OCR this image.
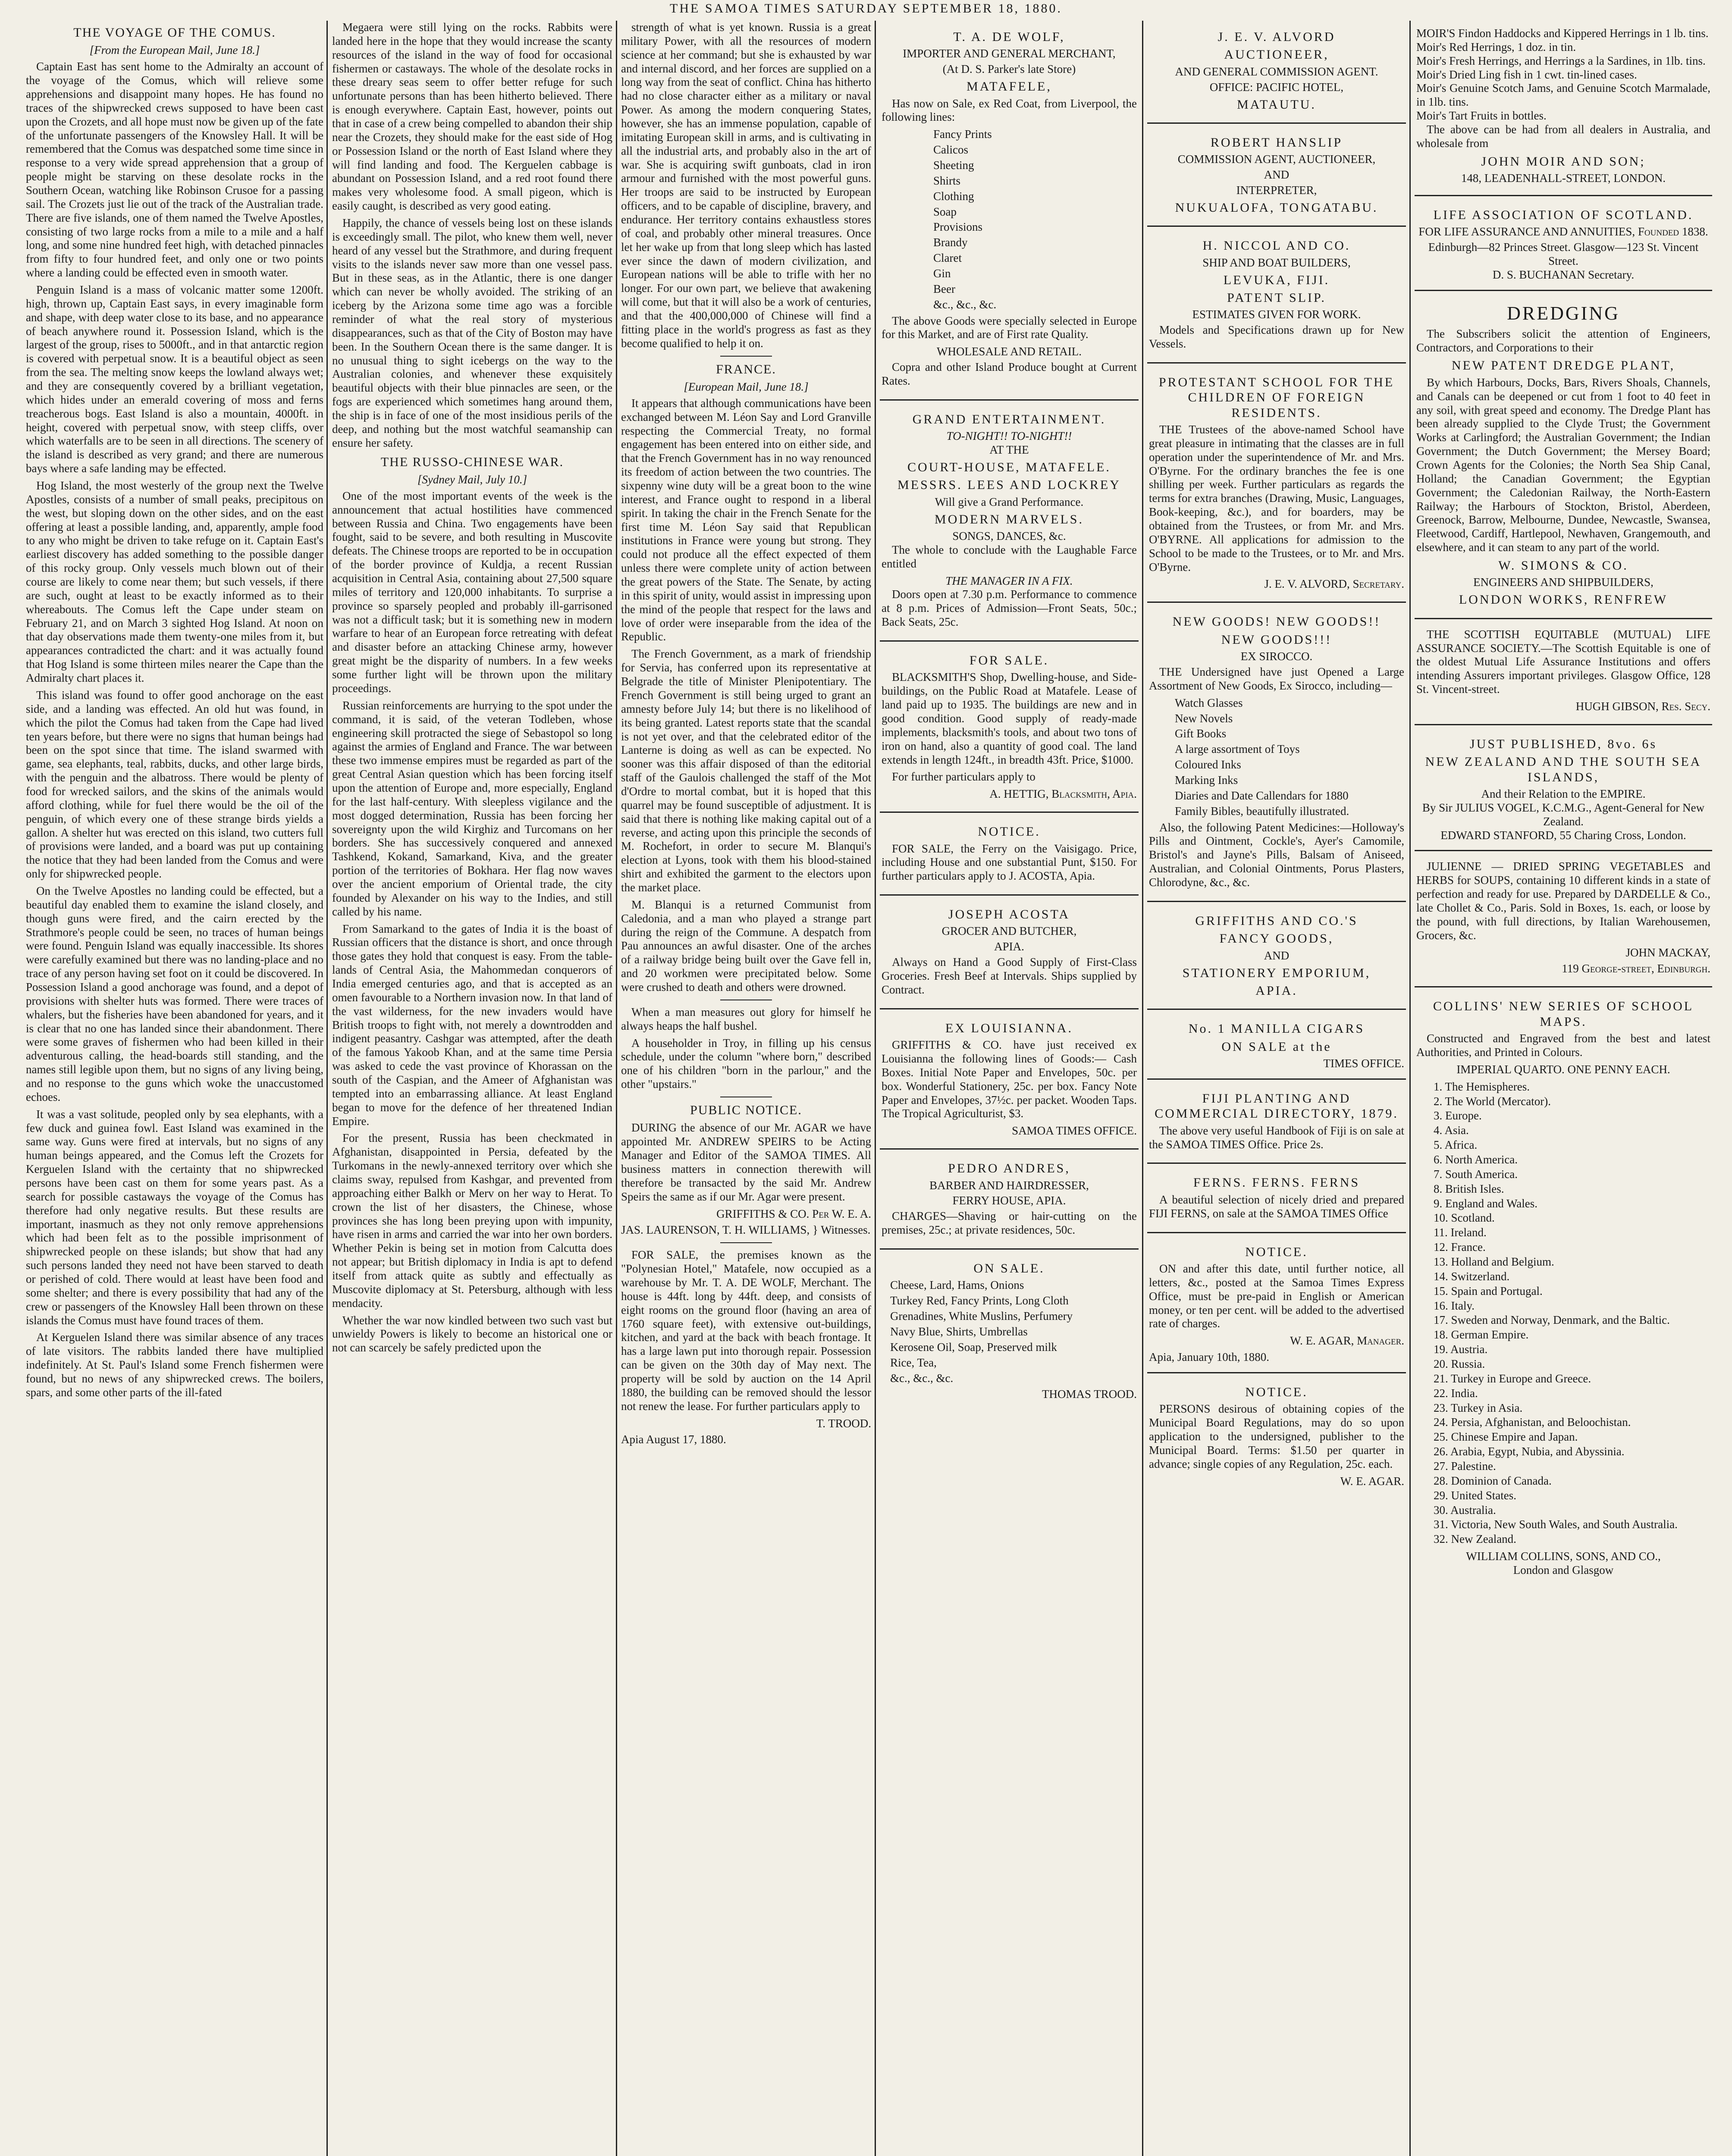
THE SAMOA TIMES SATURDAY SEPTEMBER 18, 1880.
THE VOYAGE OF THE COMUS.
[From the European Mail, June 18.]

Captain East has sent home to the Admiralty an account of the voyage of the Comus, which will relieve some apprehensions and disappoint many hopes. He has found no traces of the shipwrecked crews supposed to have been cast upon the Crozets, and all hope must now be given up of the fate of the unfortunate passengers of the Knowsley Hall. It will be remembered that the Comus was despatched some time since in response to a very wide spread apprehension that a group of people might be starving on these desolate rocks in the Southern Ocean, watching like Robinson Crusoe for a passing sail. The Crozets just lie out of the track of the Australian trade. There are five islands, one of them named the Twelve Apostles, consisting of two large rocks from a mile to a mile and a half long, and some nine hundred feet high, with detached pinnacles from fifty to four hundred feet, and only one or two points where a landing could be effected even in smooth water.

Penguin Island is a mass of volcanic matter some 1200ft. high, thrown up, Captain East says, in every imaginable form and shape, with deep water close to its base, and no appearance of beach anywhere round it. Possession Island, which is the largest of the group, rises to 5000ft., and in that antarctic region is covered with perpetual snow. It is a beautiful object as seen from the sea. The melting snow keeps the lowland always wet; and they are consequently covered by a brilliant vegetation, which hides under an emerald covering of moss and ferns treacherous bogs. East Island is also a mountain, 4000ft. in height, covered with perpetual snow, with steep cliffs, over which waterfalls are to be seen in all directions. The scenery of the island is described as very grand; and there are numerous bays where a safe landing may be effected.

Hog Island, the most westerly of the group next the Twelve Apostles, consists of a number of small peaks, precipitous on the west, but sloping down on the other sides, and on the east offering at least a possible landing, and, apparently, ample food to any who might be driven to take refuge on it. Captain East's earliest discovery has added something to the possible danger of this rocky group. Only vessels much blown out of their course are likely to come near them; but such vessels, if there are such, ought at least to be exactly informed as to their whereabouts. The Comus left the Cape under steam on February 21, and on March 3 sighted Hog Island. At noon on that day observations made them twenty-one miles from it, but appearances contradicted the chart: and it was actually found that Hog Island is some thirteen miles nearer the Cape than the Admiralty chart places it.

This island was found to offer good anchorage on the east side, and a landing was effected. An old hut was found, in which the pilot the Comus had taken from the Cape had lived ten years before, but there were no signs that human beings had been on the spot since that time. The island swarmed with game, sea elephants, teal, rabbits, ducks, and other large birds, with the penguin and the albatross. There would be plenty of food for wrecked sailors, and the skins of the animals would afford clothing, while for fuel there would be the oil of the penguin, of which every one of these strange birds yields a gallon. A shelter hut was erected on this island, two cutters full of provisions were landed, and a board was put up containing the notice that they had been landed from the Comus and were only for shipwrecked people.

On the Twelve Apostles no landing could be effected, but a beautiful day enabled them to examine the island closely, and though guns were fired, and the cairn erected by the Strathmore's people could be seen, no traces of human beings were found. Penguin Island was equally inaccessible. Its shores were carefully examined but there was no landing-place and no trace of any person having set foot on it could be discovered. In Possession Island a good anchorage was found, and a depot of provisions with shelter huts was formed. There were traces of whalers, but the fisheries have been abandoned for years, and it is clear that no one has landed since their abandonment. There were some graves of fishermen who had been killed in their adventurous calling, the head-boards still standing, and the names still legible upon them, but no signs of any living being, and no response to the guns which woke the unaccustomed echoes.

It was a vast solitude, peopled only by sea elephants, with a few duck and guinea fowl. East Island was examined in the same way. Guns were fired at intervals, but no signs of any human beings appeared, and the Comus left the Crozets for Kerguelen Island with the certainty that no shipwrecked persons have been cast on them for some years past. As a search for possible castaways the voyage of the Comus has therefore had only negative results. But these results are important, inasmuch as they not only remove apprehensions which had been felt as to the possible imprisonment of shipwrecked people on these islands; but show that had any such persons landed they need not have been starved to death or perished of cold. There would at least have been food and some shelter; and there is every possibility that had any of the crew or passengers of the Knowsley Hall been thrown on these islands the Comus must have found traces of them.

At Kerguelen Island there was similar absence of any traces of late visitors. The rabbits landed there have multiplied indefinitely. At St. Paul's Island some French fishermen were found, but no news of any shipwrecked crews. The boilers, spars, and some other parts of the ill-fated

Megaera were still lying on the rocks. Rabbits were landed here in the hope that they would increase the scanty resources of the island in the way of food for occasional fishermen or castaways. The whole of the desolate rocks in these dreary seas seem to offer better refuge for such unfortunate persons than has been hitherto believed. There is enough everywhere. Captain East, however, points out that in case of a crew being compelled to abandon their ship near the Crozets, they should make for the east side of Hog or Possession Island or the north of East Island where they will find landing and food. The Kerguelen cabbage is abundant on Possession Island, and a red root found there makes very wholesome food. A small pigeon, which is easily caught, is described as very good eating.

Happily, the chance of vessels being lost on these islands is exceedingly small. The pilot, who knew them well, never heard of any vessel but the Strathmore, and during frequent visits to the islands never saw more than one vessel pass. But in these seas, as in the Atlantic, there is one danger which can never be wholly avoided. The striking of an iceberg by the Arizona some time ago was a forcible reminder of what the real story of mysterious disappearances, such as that of the City of Boston may have been. In the Southern Ocean there is the same danger. It is no unusual thing to sight icebergs on the way to the Australian colonies, and whenever these exquisitely beautiful objects with their blue pinnacles are seen, or the fogs are experienced which sometimes hang around them, the ship is in face of one of the most insidious perils of the deep, and nothing but the most watchful seamanship can ensure her safety.

THE RUSSO-CHINESE WAR.
[Sydney Mail, July 10.]

One of the most important events of the week is the announcement that actual hostilities have commenced between Russia and China. Two engagements have been fought, said to be severe, and both resulting in Muscovite defeats. The Chinese troops are reported to be in occupation of the border province of Kuldja, a recent Russian acquisition in Central Asia, containing about 27,500 square miles of territory and 120,000 inhabitants. To surprise a province so sparsely peopled and probably ill-garrisoned was not a difficult task; but it is something new in modern warfare to hear of an European force retreating with defeat and disaster before an attacking Chinese army, however great might be the disparity of numbers. In a few weeks some further light will be thrown upon the military proceedings.

Russian reinforcements are hurrying to the spot under the command, it is said, of the veteran Todleben, whose engineering skill protracted the siege of Sebastopol so long against the armies of England and France. The war between these two immense empires must be regarded as part of the great Central Asian question which has been forcing itself upon the attention of Europe and, more especially, England for the last half-century. With sleepless vigilance and the most dogged determination, Russia has been forcing her sovereignty upon the wild Kirghiz and Turcomans on her borders. She has successively conquered and annexed Tashkend, Kokand, Samarkand, Kiva, and the greater portion of the territories of Bokhara. Her flag now waves over the ancient emporium of Oriental trade, the city founded by Alexander on his way to the Indies, and still called by his name.

From Samarkand to the gates of India it is the boast of Russian officers that the distance is short, and once through those gates they hold that conquest is easy. From the table-lands of Central Asia, the Mahommedan conquerors of India emerged centuries ago, and that is accepted as an omen favourable to a Northern invasion now. In that land of the vast wilderness, for the new invaders would have British troops to fight with, not merely a downtrodden and indigent peasantry. Cashgar was attempted, after the death of the famous Yakoob Khan, and at the same time Persia was asked to cede the vast province of Khorassan on the south of the Caspian, and the Ameer of Afghanistan was tempted into an embarrassing alliance. At least England began to move for the defence of her threatened Indian Empire.

For the present, Russia has been checkmated in Afghanistan, disappointed in Persia, defeated by the Turkomans in the newly-annexed territory over which she claims sway, repulsed from Kashgar, and prevented from approaching either Balkh or Merv on her way to Herat. To crown the list of her disasters, the Chinese, whose provinces she has long been preying upon with impunity, have risen in arms and carried the war into her own borders. Whether Pekin is being set in motion from Calcutta does not appear; but British diplomacy in India is apt to defend itself from attack quite as subtly and effectually as Muscovite diplomacy at St. Petersburg, although with less mendacity.

Whether the war now kindled between two such vast but unwieldy Powers is likely to become an historical one or not can scarcely be safely predicted upon the

strength of what is yet known. Russia is a great military Power, with all the resources of modern science at her command; but she is exhausted by war and internal discord, and her forces are supplied on a long way from the seat of conflict. China has hitherto had no close character either as a military or naval Power. As among the modern conquering States, however, she has an immense population, capable of imitating European skill in arms, and is cultivating in all the industrial arts, and probably also in the art of war. She is acquiring swift gunboats, clad in iron armour and furnished with the most powerful guns. Her troops are said to be instructed by European officers, and to be capable of discipline, bravery, and endurance. Her territory contains exhaustless stores of coal, and probably other mineral treasures. Once let her wake up from that long sleep which has lasted ever since the dawn of modern civilization, and European nations will be able to trifle with her no longer. For our own part, we believe that awakening will come, but that it will also be a work of centuries, and that the 400,000,000 of Chinese will find a fitting place in the world's progress as fast as they become qualified to help it on.

FRANCE.
[European Mail, June 18.]

It appears that although communications have been exchanged between M. Léon Say and Lord Granville respecting the Commercial Treaty, no formal engagement has been entered into on either side, and that the French Government has in no way renounced its freedom of action between the two countries. The sixpenny wine duty will be a great boon to the wine interest, and France ought to respond in a liberal spirit. In taking the chair in the French Senate for the first time M. Léon Say said that Republican institutions in France were young but strong. They could not produce all the effect expected of them unless there were complete unity of action between the great powers of the State. The Senate, by acting in this spirit of unity, would assist in impressing upon the mind of the people that respect for the laws and love of order were inseparable from the idea of the Republic.

The French Government, as a mark of friendship for Servia, has conferred upon its representative at Belgrade the title of Minister Plenipotentiary. The French Government is still being urged to grant an amnesty before July 14; but there is no likelihood of its being granted. Latest reports state that the scandal is not yet over, and that the celebrated editor of the Lanterne is doing as well as can be expected. No sooner was this affair disposed of than the editorial staff of the Gaulois challenged the staff of the Mot d'Ordre to mortal combat, but it is hoped that this quarrel may be found susceptible of adjustment. It is said that there is nothing like making capital out of a reverse, and acting upon this principle the seconds of M. Rochefort, in order to secure M. Blanqui's election at Lyons, took with them his blood-stained shirt and exhibited the garment to the electors upon the market place.

M. Blanqui is a returned Communist from Caledonia, and a man who played a strange part during the reign of the Commune. A despatch from Pau announces an awful disaster. One of the arches of a railway bridge being built over the Gave fell in, and 20 workmen were precipitated below. Some were crushed to death and others were drowned.

When a man measures out glory for himself he always heaps the half bushel.

A householder in Troy, in filling up his census schedule, under the column "where born," described one of his children "born in the parlour," and the other "upstairs."

PUBLIC NOTICE.

DURING the absence of our Mr. AGAR we have appointed Mr. ANDREW SPEIRS to be Acting Manager and Editor of the SAMOA TIMES. All business matters in connection therewith will therefore be transacted by the said Mr. Andrew Speirs the same as if our Mr. Agar were present.

GRIFFITHS & CO. Per W. E. A.
JAS. LAURENSON, T. H. WILLIAMS, } Witnesses.

FOR SALE, the premises known as the "Polynesian Hotel," Matafele, now occupied as a warehouse by Mr. T. A. DE WOLF, Merchant. The house is 44ft. long by 44ft. deep, and consists of eight rooms on the ground floor (having an area of 1760 square feet), with extensive out-buildings, kitchen, and yard at the back with beach frontage. It has a large lawn put into thorough repair. Possession can be given on the 30th day of May next. The property will be sold by auction on the 14 April 1880, the building can be removed should the lessor not renew the lease. For further particulars apply to

T. TROOD.
Apia August 17, 1880.
T. A. DE WOLF,
IMPORTER AND GENERAL MERCHANT,
(At D. S. Parker's late Store)
MATAFELE,

Has now on Sale, ex Red Coat, from Liverpool, the following lines:

Fancy Prints
Calicos
Sheeting
Shirts
Clothing
Soap
Provisions
Brandy
Claret
Gin
Beer
&c., &c., &c.

The above Goods were specially selected in Europe for this Market, and are of First rate Quality.

WHOLESALE AND RETAIL.

Copra and other Island Produce bought at Current Rates.

GRAND ENTERTAINMENT.
TO-NIGHT!! TO-NIGHT!!
AT THE
COURT-HOUSE, MATAFELE.
MESSRS. LEES AND LOCKREY
Will give a Grand Performance.
MODERN MARVELS.
SONGS, DANCES, &c.

The whole to conclude with the Laughable Farce entitled

THE MANAGER IN A FIX.

Doors open at 7.30 p.m. Performance to commence at 8 p.m. Prices of Admission—Front Seats, 50c.; Back Seats, 25c.

FOR SALE.

BLACKSMITH'S Shop, Dwelling-house, and Side-buildings, on the Public Road at Matafele. Lease of land paid up to 1935. The buildings are new and in good condition. Good supply of ready-made implements, blacksmith's tools, and about two tons of iron on hand, also a quantity of good coal. The land extends in length 124ft., in breadth 43ft. Price, $1000.

For further particulars apply to

A. HETTIG, Blacksmith, Apia.
NOTICE.

FOR SALE, the Ferry on the Vaisigago. Price, including House and one substantial Punt, $150. For further particulars apply to J. ACOSTA, Apia.

JOSEPH ACOSTA
GROCER AND BUTCHER,
APIA.

Always on Hand a Good Supply of First-Class Groceries. Fresh Beef at Intervals. Ships supplied by Contract.

EX LOUISIANNA.

GRIFFITHS & CO. have just received ex Louisianna the following lines of Goods:— Cash Boxes. Initial Note Paper and Envelopes, 50c. per box. Wonderful Stationery, 25c. per box. Fancy Note Paper and Envelopes, 37½c. per packet. Wooden Taps. The Tropical Agriculturist, $3.

SAMOA TIMES OFFICE.
PEDRO ANDRES,
BARBER AND HAIRDRESSER,
FERRY HOUSE, APIA.

CHARGES—Shaving or hair-cutting on the premises, 25c.; at private residences, 50c.

ON SALE.
Cheese, Lard, Hams, Onions
Turkey Red, Fancy Prints, Long Cloth
Grenadines, White Muslins, Perfumery
Navy Blue, Shirts, Umbrellas
Kerosene Oil, Soap, Preserved milk
Rice, Tea,
&c., &c., &c.
THOMAS TROOD.
J. E. V. ALVORD
AUCTIONEER,
AND GENERAL COMMISSION AGENT.
OFFICE: PACIFIC HOTEL,
MATAUTU.
ROBERT HANSLIP
COMMISSION AGENT, AUCTIONEER,
AND
INTERPRETER,
NUKUALOFA, TONGATABU.
H. NICCOL AND CO.
SHIP AND BOAT BUILDERS,
LEVUKA, FIJI.
PATENT SLIP.
ESTIMATES GIVEN FOR WORK.

Models and Specifications drawn up for New Vessels.

PROTESTANT SCHOOL FOR THE CHILDREN OF FOREIGN RESIDENTS.

THE Trustees of the above-named School have great pleasure in intimating that the classes are in full operation under the superintendence of Mr. and Mrs. O'Byrne. For the ordinary branches the fee is one shilling per week. Further particulars as regards the terms for extra branches (Drawing, Music, Languages, Book-keeping, &c.), and for boarders, may be obtained from the Trustees, or from Mr. and Mrs. O'BYRNE. All applications for admission to the School to be made to the Trustees, or to Mr. and Mrs. O'Byrne.

J. E. V. ALVORD, Secretary.
NEW GOODS! NEW GOODS!!
NEW GOODS!!!
EX SIROCCO.

THE Undersigned have just Opened a Large Assortment of New Goods, Ex Sirocco, including—

Watch Glasses
New Novels
Gift Books
A large assortment of Toys
Coloured Inks
Marking Inks
Diaries and Date Callendars for 1880
Family Bibles, beautifully illustrated.

Also, the following Patent Medicines:—Holloway's Pills and Ointment, Cockle's, Ayer's Camomile, Bristol's and Jayne's Pills, Balsam of Aniseed, Australian, and Colonial Ointments, Porus Plasters, Chlorodyne, &c., &c.

GRIFFITHS AND CO.'S
FANCY GOODS,
AND
STATIONERY EMPORIUM,
APIA.
No. 1 MANILLA CIGARS
ON SALE at the
TIMES OFFICE.
FIJI PLANTING AND COMMERCIAL DIRECTORY, 1879.

The above very useful Handbook of Fiji is on sale at the SAMOA TIMES Office. Price 2s.

FERNS. FERNS. FERNS

A beautiful selection of nicely dried and prepared FIJI FERNS, on sale at the SAMOA TIMES Office

NOTICE.

ON and after this date, until further notice, all letters, &c., posted at the Samoa Times Express Office, must be pre-paid in English or American money, or ten per cent. will be added to the advertised rate of charges.

W. E. AGAR, Manager.
Apia, January 10th, 1880.
NOTICE.

PERSONS desirous of obtaining copies of the Municipal Board Regulations, may do so upon application to the undersigned, publisher to the Municipal Board. Terms: $1.50 per quarter in advance; single copies of any Regulation, 25c. each.

W. E. AGAR.
MOIR'S Findon Haddocks and Kippered Herrings in 1 lb. tins.
Moir's Red Herrings, 1 doz. in tin.
Moir's Fresh Herrings, and Herrings a la Sardines, in 1lb. tins.
Moir's Dried Ling fish in 1 cwt. tin-lined cases.
Moir's Genuine Scotch Jams, and Genuine Scotch Marmalade, in 1lb. tins.
Moir's Tart Fruits in bottles.

The above can be had from all dealers in Australia, and wholesale from

JOHN MOIR AND SON;
148, LEADENHALL-STREET, LONDON.
LIFE ASSOCIATION OF SCOTLAND.
FOR LIFE ASSURANCE AND ANNUITIES, Founded 1838.
Edinburgh—82 Princes Street. Glasgow—123 St. Vincent Street.
D. S. BUCHANAN Secretary.
DREDGING

The Subscribers solicit the attention of Engineers, Contractors, and Corporations to their

NEW PATENT DREDGE PLANT,

By which Harbours, Docks, Bars, Rivers Shoals, Channels, and Canals can be deepened or cut from 1 foot to 40 feet in any soil, with great speed and economy. The Dredge Plant has been already supplied to the Clyde Trust; the Government Works at Carlingford; the Australian Government; the Indian Government; the Dutch Government; the Mersey Board; Crown Agents for the Colonies; the North Sea Ship Canal, Holland; the Canadian Government; the Egyptian Government; the Caledonian Railway, the North-Eastern Railway; the Harbours of Stockton, Bristol, Aberdeen, Greenock, Barrow, Melbourne, Dundee, Newcastle, Swansea, Fleetwood, Cardiff, Hartlepool, Newhaven, Grangemouth, and elsewhere, and it can steam to any part of the world.

W. SIMONS & CO.
ENGINEERS AND SHIPBUILDERS,
LONDON WORKS, RENFREW

THE SCOTTISH EQUITABLE (MUTUAL) LIFE ASSURANCE SOCIETY.—The Scottish Equitable is one of the oldest Mutual Life Assurance Institutions and offers intending Assurers important privileges. Glasgow Office, 128 St. Vincent-street.

HUGH GIBSON, Res. Secy.
JUST PUBLISHED, 8vo. 6s
NEW ZEALAND AND THE SOUTH SEA ISLANDS,
And their Relation to the EMPIRE.
By Sir JULIUS VOGEL, K.C.M.G., Agent-General for New Zealand.
EDWARD STANFORD, 55 Charing Cross, London.

JULIENNE — DRIED SPRING VEGETABLES and HERBS for SOUPS, containing 10 different kinds in a state of perfection and ready for use. Prepared by DARDELLE & Co., late Chollet & Co., Paris. Sold in Boxes, 1s. each, or loose by the pound, with full directions, by Italian Warehousemen, Grocers, &c.

JOHN MACKAY,
119 George-street, Edinburgh.
COLLINS' NEW SERIES OF SCHOOL MAPS.

Constructed and Engraved from the best and latest Authorities, and Printed in Colours.

IMPERIAL QUARTO. ONE PENNY EACH.
1. The Hemispheres.
2. The World (Mercator).
3. Europe.
4. Asia.
5. Africa.
6. North America.
7. South America.
8. British Isles.
9. England and Wales.
10. Scotland.
11. Ireland.
12. France.
13. Holland and Belgium.
14. Switzerland.
15. Spain and Portugal.
16. Italy.
17. Sweden and Norway, Denmark, and the Baltic.
18. German Empire.
19. Austria.
20. Russia.
21. Turkey in Europe and Greece.
22. India.
23. Turkey in Asia.
24. Persia, Afghanistan, and Beloochistan.
25. Chinese Empire and Japan.
26. Arabia, Egypt, Nubia, and Abyssinia.
27. Palestine.
28. Dominion of Canada.
29. United States.
30. Australia.
31. Victoria, New South Wales, and South Australia.
32. New Zealand.
WILLIAM COLLINS, SONS, AND CO.,
London and Glasgow
